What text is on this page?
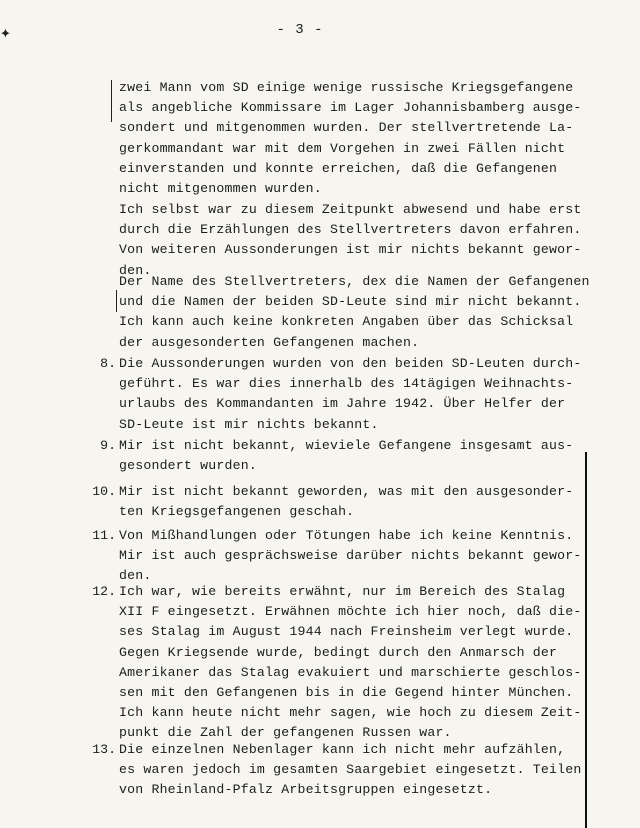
✦	- 3 -
zwei Mann vom SD einige wenige russische Kriegsgefangene
als angebliche Kommissare im Lager Johannisbamberg ausge-
sondert und mitgenommen wurden. Der stellvertretende La-
gerkommandant war mit dem Vorgehen in zwei Fällen nicht
einverstanden und konnte erreichen, daß die Gefangenen
nicht mitgenommen wurden.
Ich selbst war zu diesem Zeitpunkt abwesend und habe erst
durch die Erzählungen des Stellvertreters davon erfahren.
Von weiteren Aussonderungen ist mir nichts bekannt gewor-
den.
Der Name des Stellvertreters, dex die Namen der Gefangenen
und die Namen der beiden SD-Leute sind mir nicht bekannt.
Ich kann auch keine konkreten Angaben über das Schicksal
der ausgesonderten Gefangenen machen.
8. Die Aussonderungen wurden von den beiden SD-Leuten durch-
geführt. Es war dies innerhalb des 14tägigen Weihnachts-
urlaubs des Kommandanten im Jahre 1942. Über Helfer der
SD-Leute ist mir nichts bekannt.
9. Mir ist nicht bekannt, wieviele Gefangene insgesamt aus-
gesondert wurden.
10. Mir ist nicht bekannt geworden, was mit den ausgesonder-
ten Kriegsgefangenen geschah.
11. Von Mißhandlungen oder Tötungen habe ich keine Kenntnis.
Mir ist auch gesprächsweise darüber nichts bekannt gewor-
den.
12. Ich war, wie bereits erwähnt, nur im Bereich des Stalag
XII F eingesetzt. Erwähnen möchte ich hier noch, daß die-
ses Stalag im August 1944 nach Freinsheim verlegt wurde.
Gegen Kriegsende wurde, bedingt durch den Anmarsch der
Amerikaner das Stalag evakuiert und marschierte geschlos-
sen mit den Gefangenen bis in die Gegend hinter München.
Ich kann heute nicht mehr sagen, wie hoch zu diesem Zeit-
punkt die Zahl der gefangenen Russen war.
13. Die einzelnen Nebenlager kann ich nicht mehr aufzählen,
es waren jedoch im gesamten Saargebiet eingesetzt. Teilen
von Rheinland-Pfalz Arbeitsgruppen eingesetzt.
